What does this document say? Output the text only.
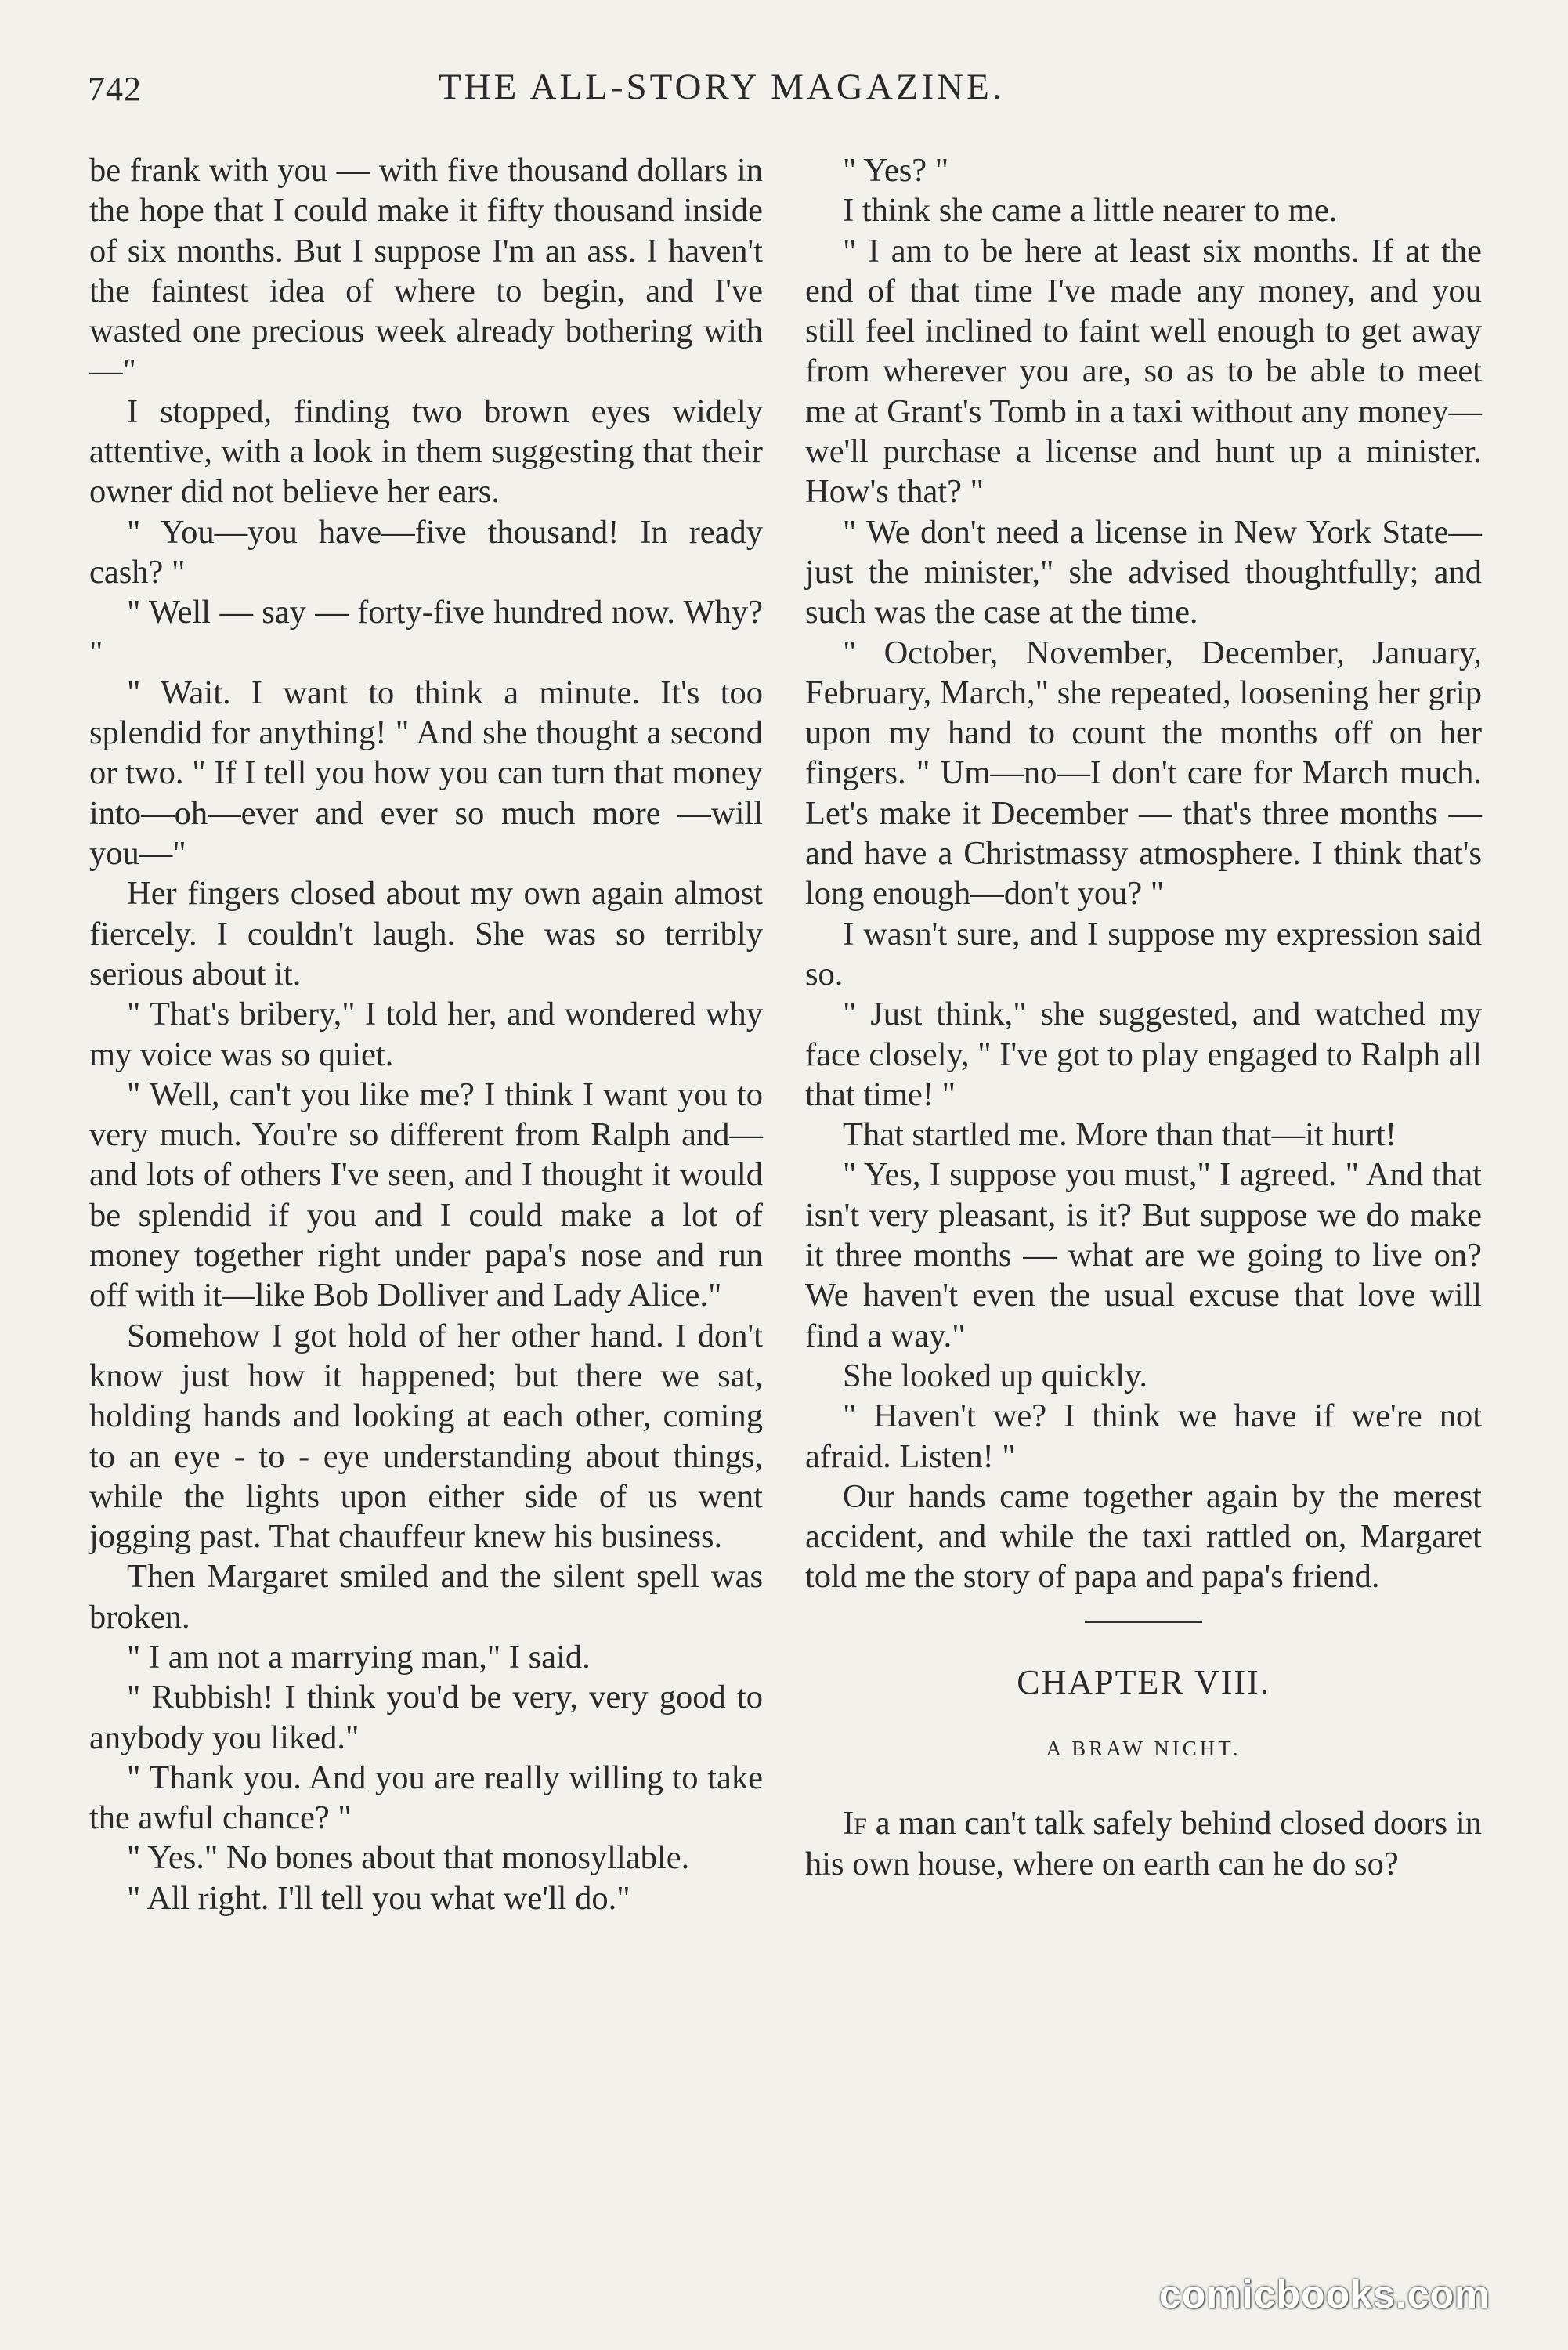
742	THE ALL-STORY MAGAZINE.

be frank with you — with five thousand dollars in the hope that I could make it fifty thousand inside of six months. But I suppose I'm an ass. I haven't the faintest idea of where to begin, and I've wasted one precious week already bothering with—"

I stopped, finding two brown eyes widely attentive, with a look in them suggesting that their owner did not believe her ears.

" You—you have—five thousand! In ready cash? "

" Well — say — forty-five hundred now. Why? "

" Wait. I want to think a minute. It's too splendid for anything! " And she thought a second or two. " If I tell you how you can turn that money into—oh—ever and ever so much more —will you—"

Her fingers closed about my own again almost fiercely. I couldn't laugh. She was so terribly serious about it.

" That's bribery," I told her, and wondered why my voice was so quiet.

" Well, can't you like me? I think I want you to very much. You're so different from Ralph and—and lots of others I've seen, and I thought it would be splendid if you and I could make a lot of money together right under papa's nose and run off with it—like Bob Dolliver and Lady Alice."

Somehow I got hold of her other hand. I don't know just how it happened; but there we sat, holding hands and looking at each other, coming to an eye - to - eye understanding about things, while the lights upon either side of us went jogging past. That chauffeur knew his business.

Then Margaret smiled and the silent spell was broken.

" I am not a marrying man," I said.

" Rubbish! I think you'd be very, very good to anybody you liked."

" Thank you. And you are really willing to take the awful chance? "

" Yes." No bones about that monosyllable.

" All right. I'll tell you what we'll do."

" Yes? "

I think she came a little nearer to me.

" I am to be here at least six months. If at the end of that time I've made any money, and you still feel inclined to faint well enough to get away from wherever you are, so as to be able to meet me at Grant's Tomb in a taxi without any money—we'll purchase a license and hunt up a minister. How's that? "

" We don't need a license in New York State—just the minister," she advised thoughtfully; and such was the case at the time.

" October, November, December, January, February, March," she repeated, loosening her grip upon my hand to count the months off on her fingers. " Um—no—I don't care for March much. Let's make it December — that's three months — and have a Christmassy atmosphere. I think that's long enough—don't you? "

I wasn't sure, and I suppose my expression said so.

" Just think," she suggested, and watched my face closely, " I've got to play engaged to Ralph all that time! "

That startled me. More than that—it hurt!

" Yes, I suppose you must," I agreed. " And that isn't very pleasant, is it? But suppose we do make it three months — what are we going to live on? We haven't even the usual excuse that love will find a way."

She looked up quickly.

" Haven't we? I think we have if we're not afraid. Listen! "

Our hands came together again by the merest accident, and while the taxi rattled on, Margaret told me the story of papa and papa's friend.

CHAPTER VIII.

A BRAW NICHT.

If a man can't talk safely behind closed doors in his own house, where on earth can he do so?

comicbooks.com
